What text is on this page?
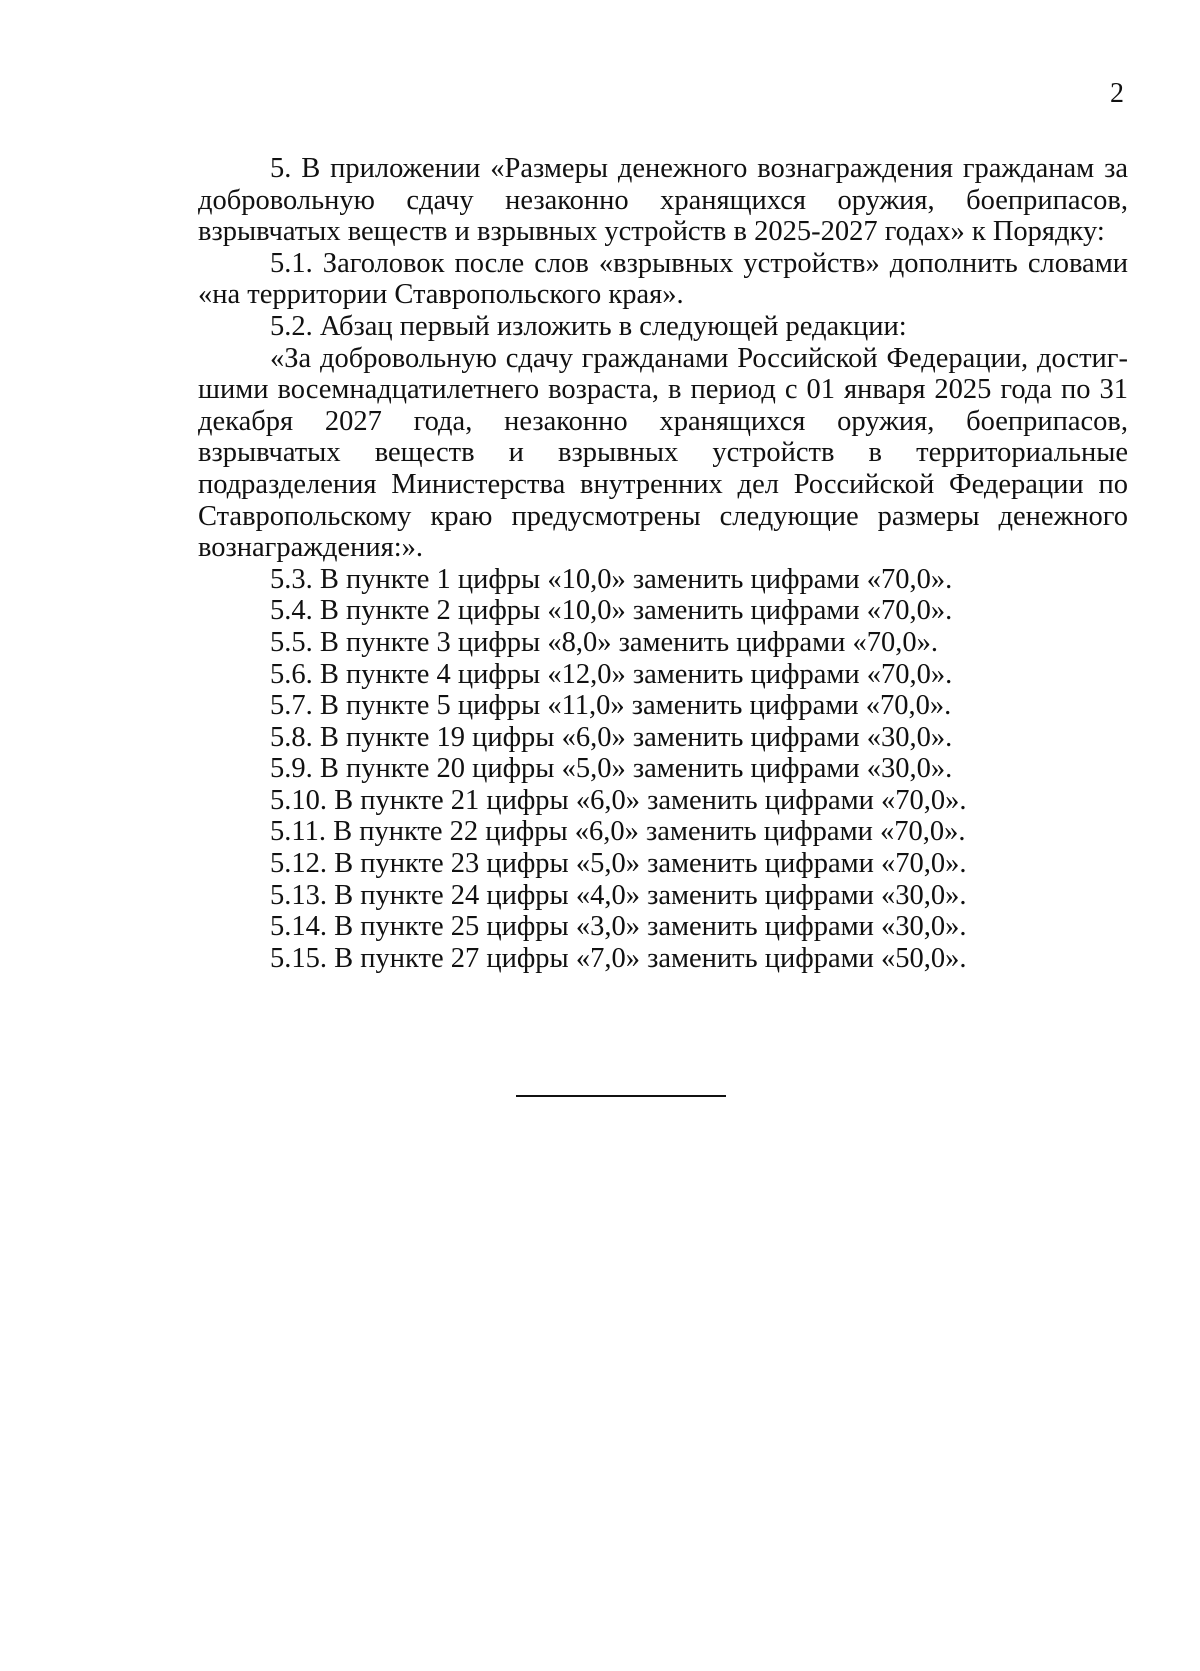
2

5. В приложении «Размеры денежного вознаграждения гражданам за добровольную сдачу незаконно хранящихся оружия, боеприпасов, взрывчатых веществ и взрывных устройств в 2025-2027 годах» к Порядку:

5.1. Заголовок после слов «взрывных устройств» дополнить словами «на территории Ставропольского края».

5.2. Абзац первый изложить в следующей редакции:

«За добровольную сдачу гражданами Российской Федерации, достигшими восемнадцатилетнего возраста, в период с 01 января 2025 года по 31 декабря 2027 года, незаконно хранящихся оружия, боеприпасов, взрывчатых веществ и взрывных устройств в территориальные подразделения Министерства внутренних дел Российской Федерации по Ставропольскому краю предусмотрены следующие размеры денежного вознаграждения:».

5.3. В пункте 1 цифры «10,0» заменить цифрами «70,0».

5.4. В пункте 2 цифры «10,0» заменить цифрами «70,0».

5.5. В пункте 3 цифры «8,0» заменить цифрами «70,0».

5.6. В пункте 4 цифры «12,0» заменить цифрами «70,0».

5.7. В пункте 5 цифры «11,0» заменить цифрами «70,0».

5.8. В пункте 19 цифры «6,0» заменить цифрами «30,0».

5.9. В пункте 20 цифры «5,0» заменить цифрами «30,0».

5.10. В пункте 21 цифры «6,0» заменить цифрами «70,0».

5.11. В пункте 22 цифры «6,0» заменить цифрами «70,0».

5.12. В пункте 23 цифры «5,0» заменить цифрами «70,0».

5.13. В пункте 24 цифры «4,0» заменить цифрами «30,0».

5.14. В пункте 25 цифры «3,0» заменить цифрами «30,0».

5.15. В пункте 27 цифры «7,0» заменить цифрами «50,0».
